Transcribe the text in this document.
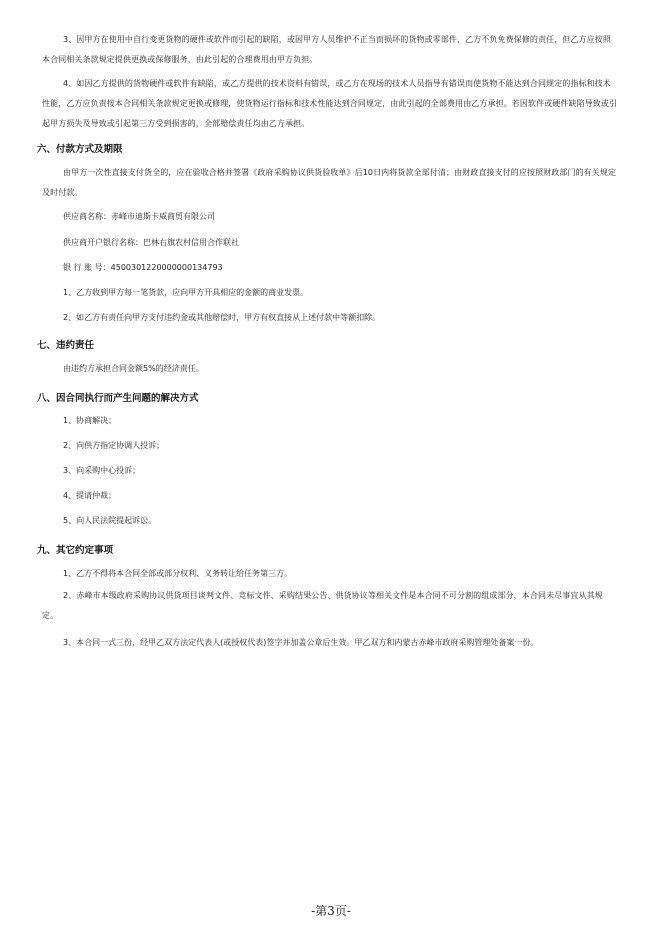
3、因甲方在使用中自行变更货物的硬件或软件而引起的缺陷，或因甲方人员维护不正当而损坏的货物或零部件，乙方不负免费保修的责任，但乙方应按照本合同相关条款规定提供更换或保修服务，由此引起的合理费用由甲方负担。

4、如因乙方提供的货物硬件或软件有缺陷，或乙方提供的技术资料有错误，或乙方在现场的技术人员指导有错误而使货物不能达到合同规定的指标和技术性能，乙方应负责按本合同相关条款规定更换或修理，使货物运行指标和技术性能达到合同规定，由此引起的全部费用由乙方承担。若因软件或硬件缺陷导致或引起甲方损失及导致或引起第三方受到损害的，全部赔偿责任均由乙方承担。

六、付款方式及期限

由甲方一次性直接支付货全的，应在验收合格并签署《政府采购协议供货验收单》后10日内将货款全部付清；由财政直接支付的应按照财政部门的有关规定及时付款。

供应商名称：赤峰市迪斯卡威商贸有限公司

供应商开户银行名称：巴林右旗农村信用合作联社

银 行 账 号：4500301220000000134793

1、乙方收到甲方每一笔货款，应向甲方开具相应的金额的商业发票。

2、如乙方有责任向甲方支付违约金或其他赔偿时，甲方有权直接从上述付款中等额扣除。

七、违约责任

由违约方承担合同金额5%的经济责任。

八、因合同执行而产生问题的解决方式

1、协商解决；

2、向供方指定协调人投诉；

3、向采购中心投诉；

4、提请仲裁；

5、向人民法院提起诉讼。

九、其它约定事项

1、乙方不得将本合同全部或部分权利、义务转让给任务第三方。

2、赤峰市本级政府采购协议供货项目谈判文件、竞标文件、采购结果公告、供货协议等相关文件是本合同不可分割的组成部分，本合同未尽事宜从其规定。

3、本合同一式三份，经甲乙双方法定代表人(或授权代表)签字并加盖公章后生效。甲乙双方和内蒙古赤峰市政府采购管理处备案一份。

-第3页-
